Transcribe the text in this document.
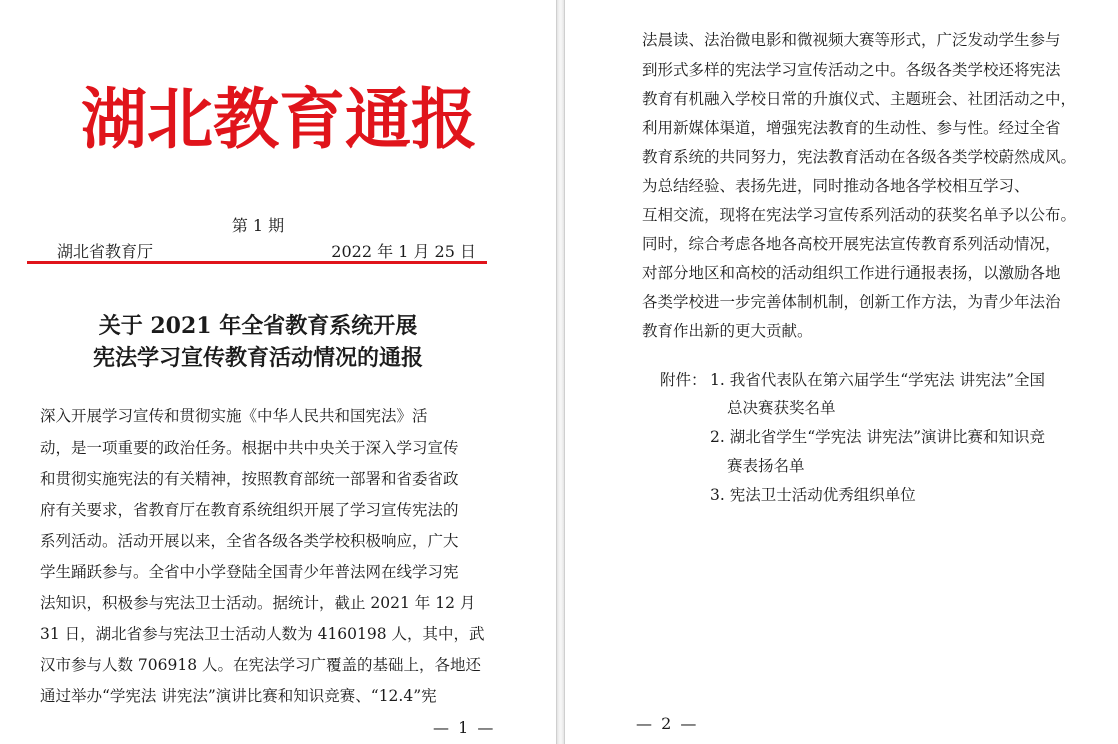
湖北教育通报
第 1 期
湖北省教育厅	2022 年 1 月 25 日
关于 2021 年全省教育系统开展
宪法学习宣传教育活动情况的通报
深入开展学习宣传和贯彻实施《中华人民共和国宪法》活
动，是一项重要的政治任务。根据中共中央关于深入学习宣传
和贯彻实施宪法的有关精神，按照教育部统一部署和省委省政
府有关要求，省教育厅在教育系统组织开展了学习宣传宪法的
系列活动。活动开展以来，全省各级各类学校积极响应，广大
学生踊跃参与。全省中小学登陆全国青少年普法网在线学习宪
法知识，积极参与宪法卫士活动。据统计，截止 2021 年 12 月
31 日，湖北省参与宪法卫士活动人数为 4160198 人，其中，武
汉市参与人数 706918 人。在宪法学习广覆盖的基础上，各地还
通过举办“学宪法 讲宪法”演讲比赛和知识竞赛、“12.4”宪
— 1 —
法晨读、法治微电影和微视频大赛等形式，广泛发动学生参与
到形式多样的宪法学习宣传活动之中。各级各类学校还将宪法
教育有机融入学校日常的升旗仪式、主题班会、社团活动之中，
利用新媒体渠道，增强宪法教育的生动性、参与性。经过全省
教育系统的共同努力，宪法教育活动在各级各类学校蔚然成风。
为总结经验、表扬先进，同时推动各地各学校相互学习、
互相交流，现将在宪法学习宣传系列活动的获奖名单予以公布。
同时，综合考虑各地各高校开展宪法宣传教育系列活动情况，
对部分地区和高校的活动组织工作进行通报表扬，以激励各地
各类学校进一步完善体制机制，创新工作方法，为青少年法治
教育作出新的更大贡献。
附件： 1. 我省代表队在第六届学生“学宪法 讲宪法”全国
总决赛获奖名单
2. 湖北省学生“学宪法 讲宪法”演讲比赛和知识竞
赛表扬名单
3. 宪法卫士活动优秀组织单位
— 2 —
